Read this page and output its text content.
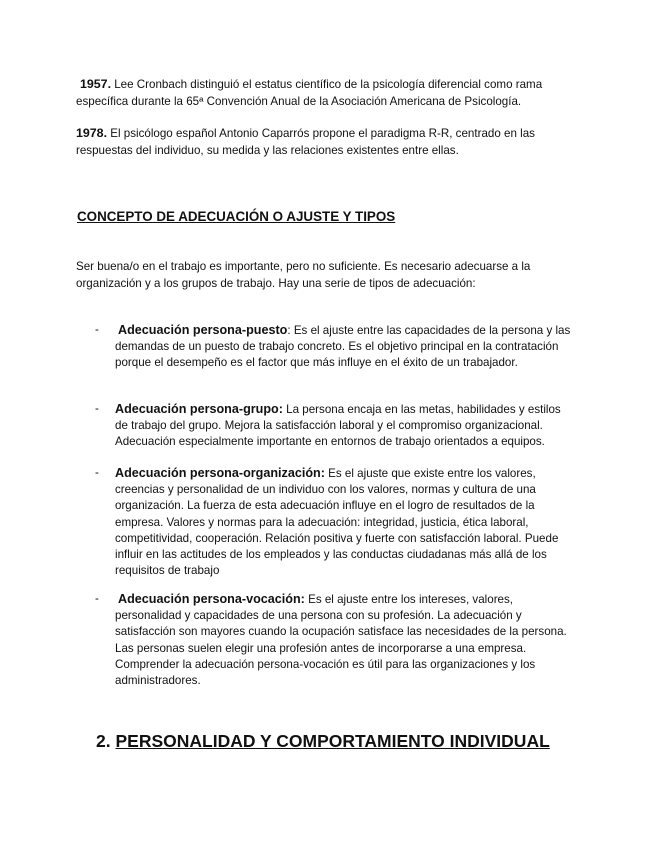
1957. Lee Cronbach distinguió el estatus científico de la psicología diferencial como rama específica durante la 65ª Convención Anual de la Asociación Americana de Psicología.
1978. El psicólogo español Antonio Caparrós propone el paradigma R-R, centrado en las respuestas del individuo, su medida y las relaciones existentes entre ellas.
CONCEPTO DE ADECUACIÓN O AJUSTE Y TIPOS
Ser buena/o en el trabajo es importante, pero no suficiente. Es necesario adecuarse a la organización y a los grupos de trabajo. Hay una serie de tipos de adecuación:
- Adecuación persona-puesto: Es el ajuste entre las capacidades de la persona y las demandas de un puesto de trabajo concreto. Es el objetivo principal en la contratación porque el desempeño es el factor que más influye en el éxito de un trabajador.
- Adecuación persona-grupo: La persona encaja en las metas, habilidades y estilos de trabajo del grupo. Mejora la satisfacción laboral y el compromiso organizacional. Adecuación especialmente importante en entornos de trabajo orientados a equipos.
- Adecuación persona-organización: Es el ajuste que existe entre los valores, creencias y personalidad de un individuo con los valores, normas y cultura de una organización. La fuerza de esta adecuación influye en el logro de resultados de la empresa. Valores y normas para la adecuación: integridad, justicia, ética laboral, competitividad, cooperación. Relación positiva y fuerte con satisfacción laboral. Puede influir en las actitudes de los empleados y las conductas ciudadanas más allá de los requisitos de trabajo
- Adecuación persona-vocación: Es el ajuste entre los intereses, valores, personalidad y capacidades de una persona con su profesión. La adecuación y satisfacción son mayores cuando la ocupación satisface las necesidades de la persona. Las personas suelen elegir una profesión antes de incorporarse a una empresa. Comprender la adecuación persona-vocación es útil para las organizaciones y los administradores.
2. PERSONALIDAD Y COMPORTAMIENTO INDIVIDUAL
